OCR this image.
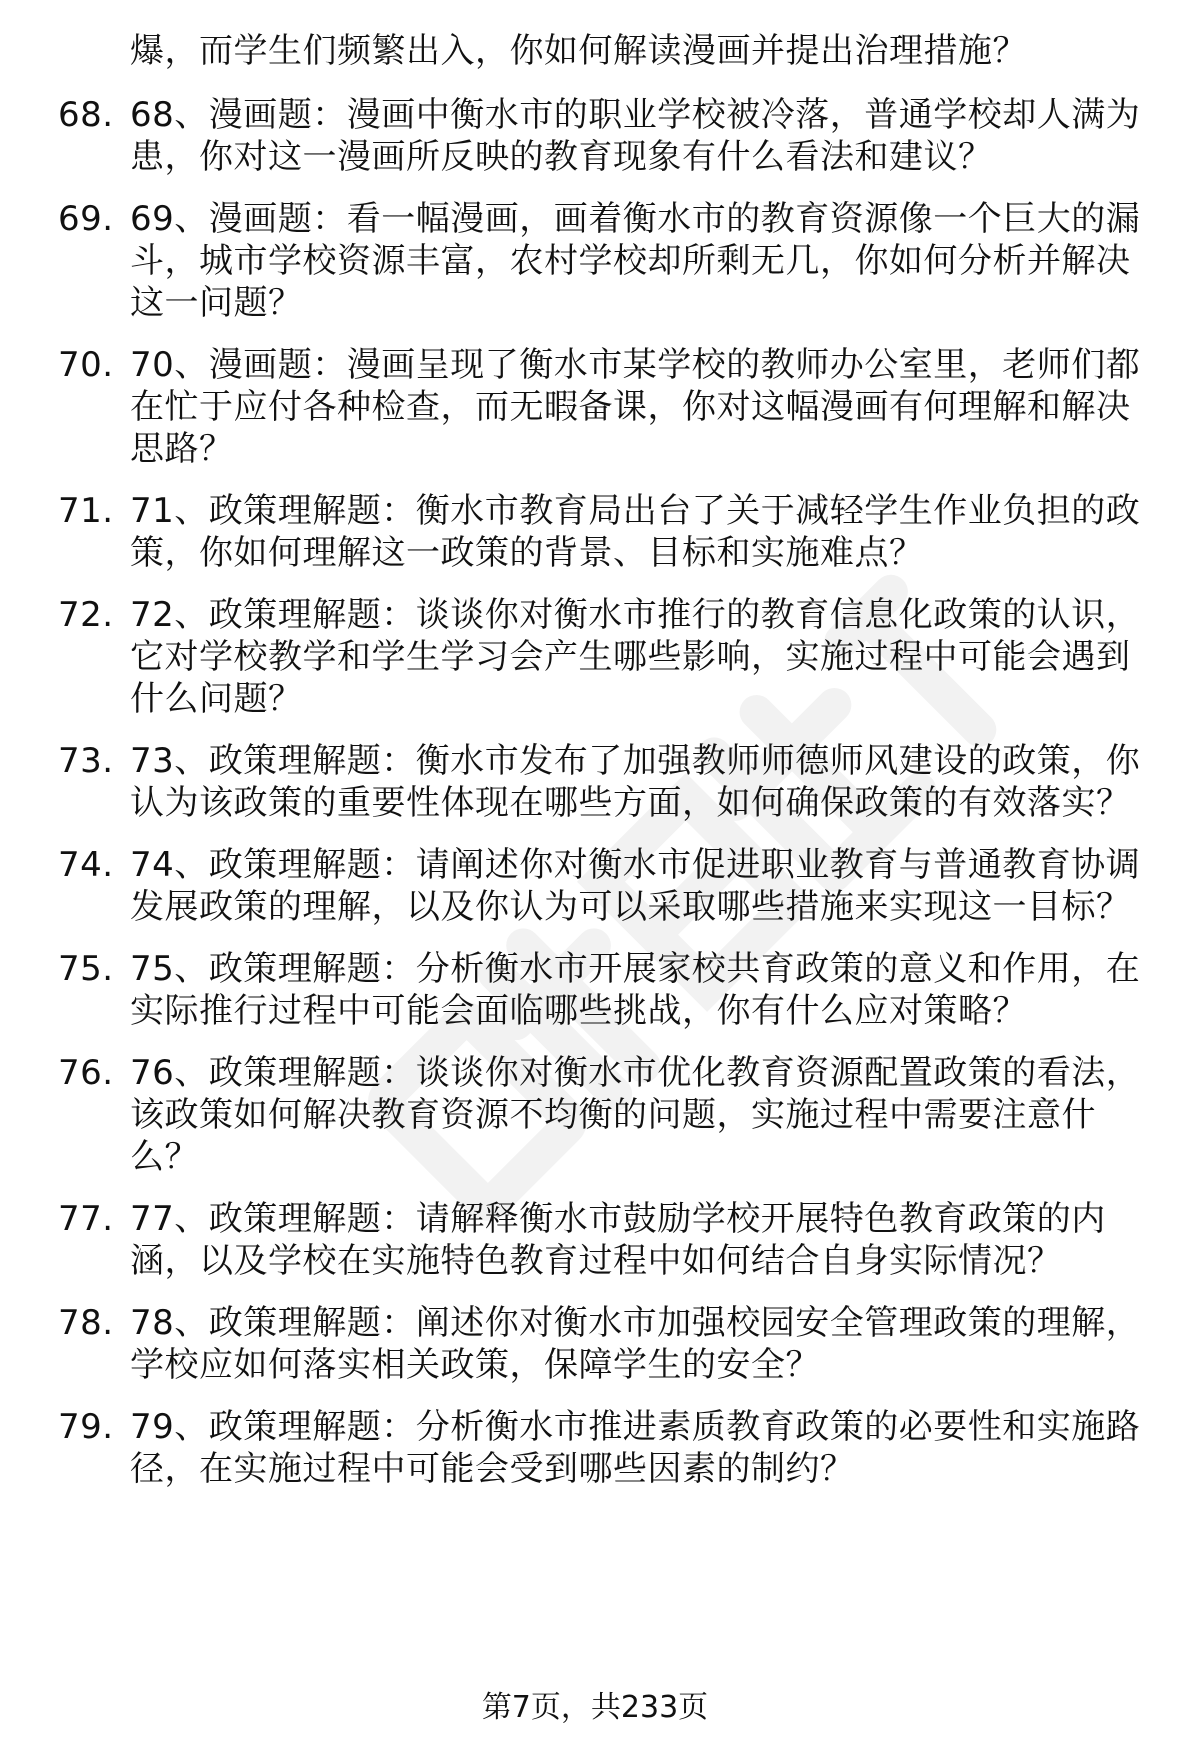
爆，而学生们频繁出入，你如何解读漫画并提出治理措施？
68. 68、漫画题：漫画中衡水市的职业学校被冷落，普通学校却人满为患，你对这一漫画所反映的教育现象有什么看法和建议？
69. 69、漫画题：看一幅漫画，画着衡水市的教育资源像一个巨大的漏斗，城市学校资源丰富，农村学校却所剩无几，你如何分析并解决这一问题？
70. 70、漫画题：漫画呈现了衡水市某学校的教师办公室里，老师们都在忙于应付各种检查，而无暇备课，你对这幅漫画有何理解和解决思路？
71. 71、政策理解题：衡水市教育局出台了关于减轻学生作业负担的政策，你如何理解这一政策的背景、目标和实施难点？
72. 72、政策理解题：谈谈你对衡水市推行的教育信息化政策的认识，它对学校教学和学生学习会产生哪些影响，实施过程中可能会遇到什么问题？
73. 73、政策理解题：衡水市发布了加强教师师德师风建设的政策，你认为该政策的重要性体现在哪些方面，如何确保政策的有效落实？
74. 74、政策理解题：请阐述你对衡水市促进职业教育与普通教育协调发展政策的理解，以及你认为可以采取哪些措施来实现这一目标？
75. 75、政策理解题：分析衡水市开展家校共育政策的意义和作用，在实际推行过程中可能会面临哪些挑战，你有什么应对策略？
76. 76、政策理解题：谈谈你对衡水市优化教育资源配置政策的看法，该政策如何解决教育资源不均衡的问题，实施过程中需要注意什么？
77. 77、政策理解题：请解释衡水市鼓励学校开展特色教育政策的内涵，以及学校在实施特色教育过程中如何结合自身实际情况？
78. 78、政策理解题：阐述你对衡水市加强校园安全管理政策的理解，学校应如何落实相关政策，保障学生的安全？
79. 79、政策理解题：分析衡水市推进素质教育政策的必要性和实施路径，在实施过程中可能会受到哪些因素的制约？
第7页，共233页
